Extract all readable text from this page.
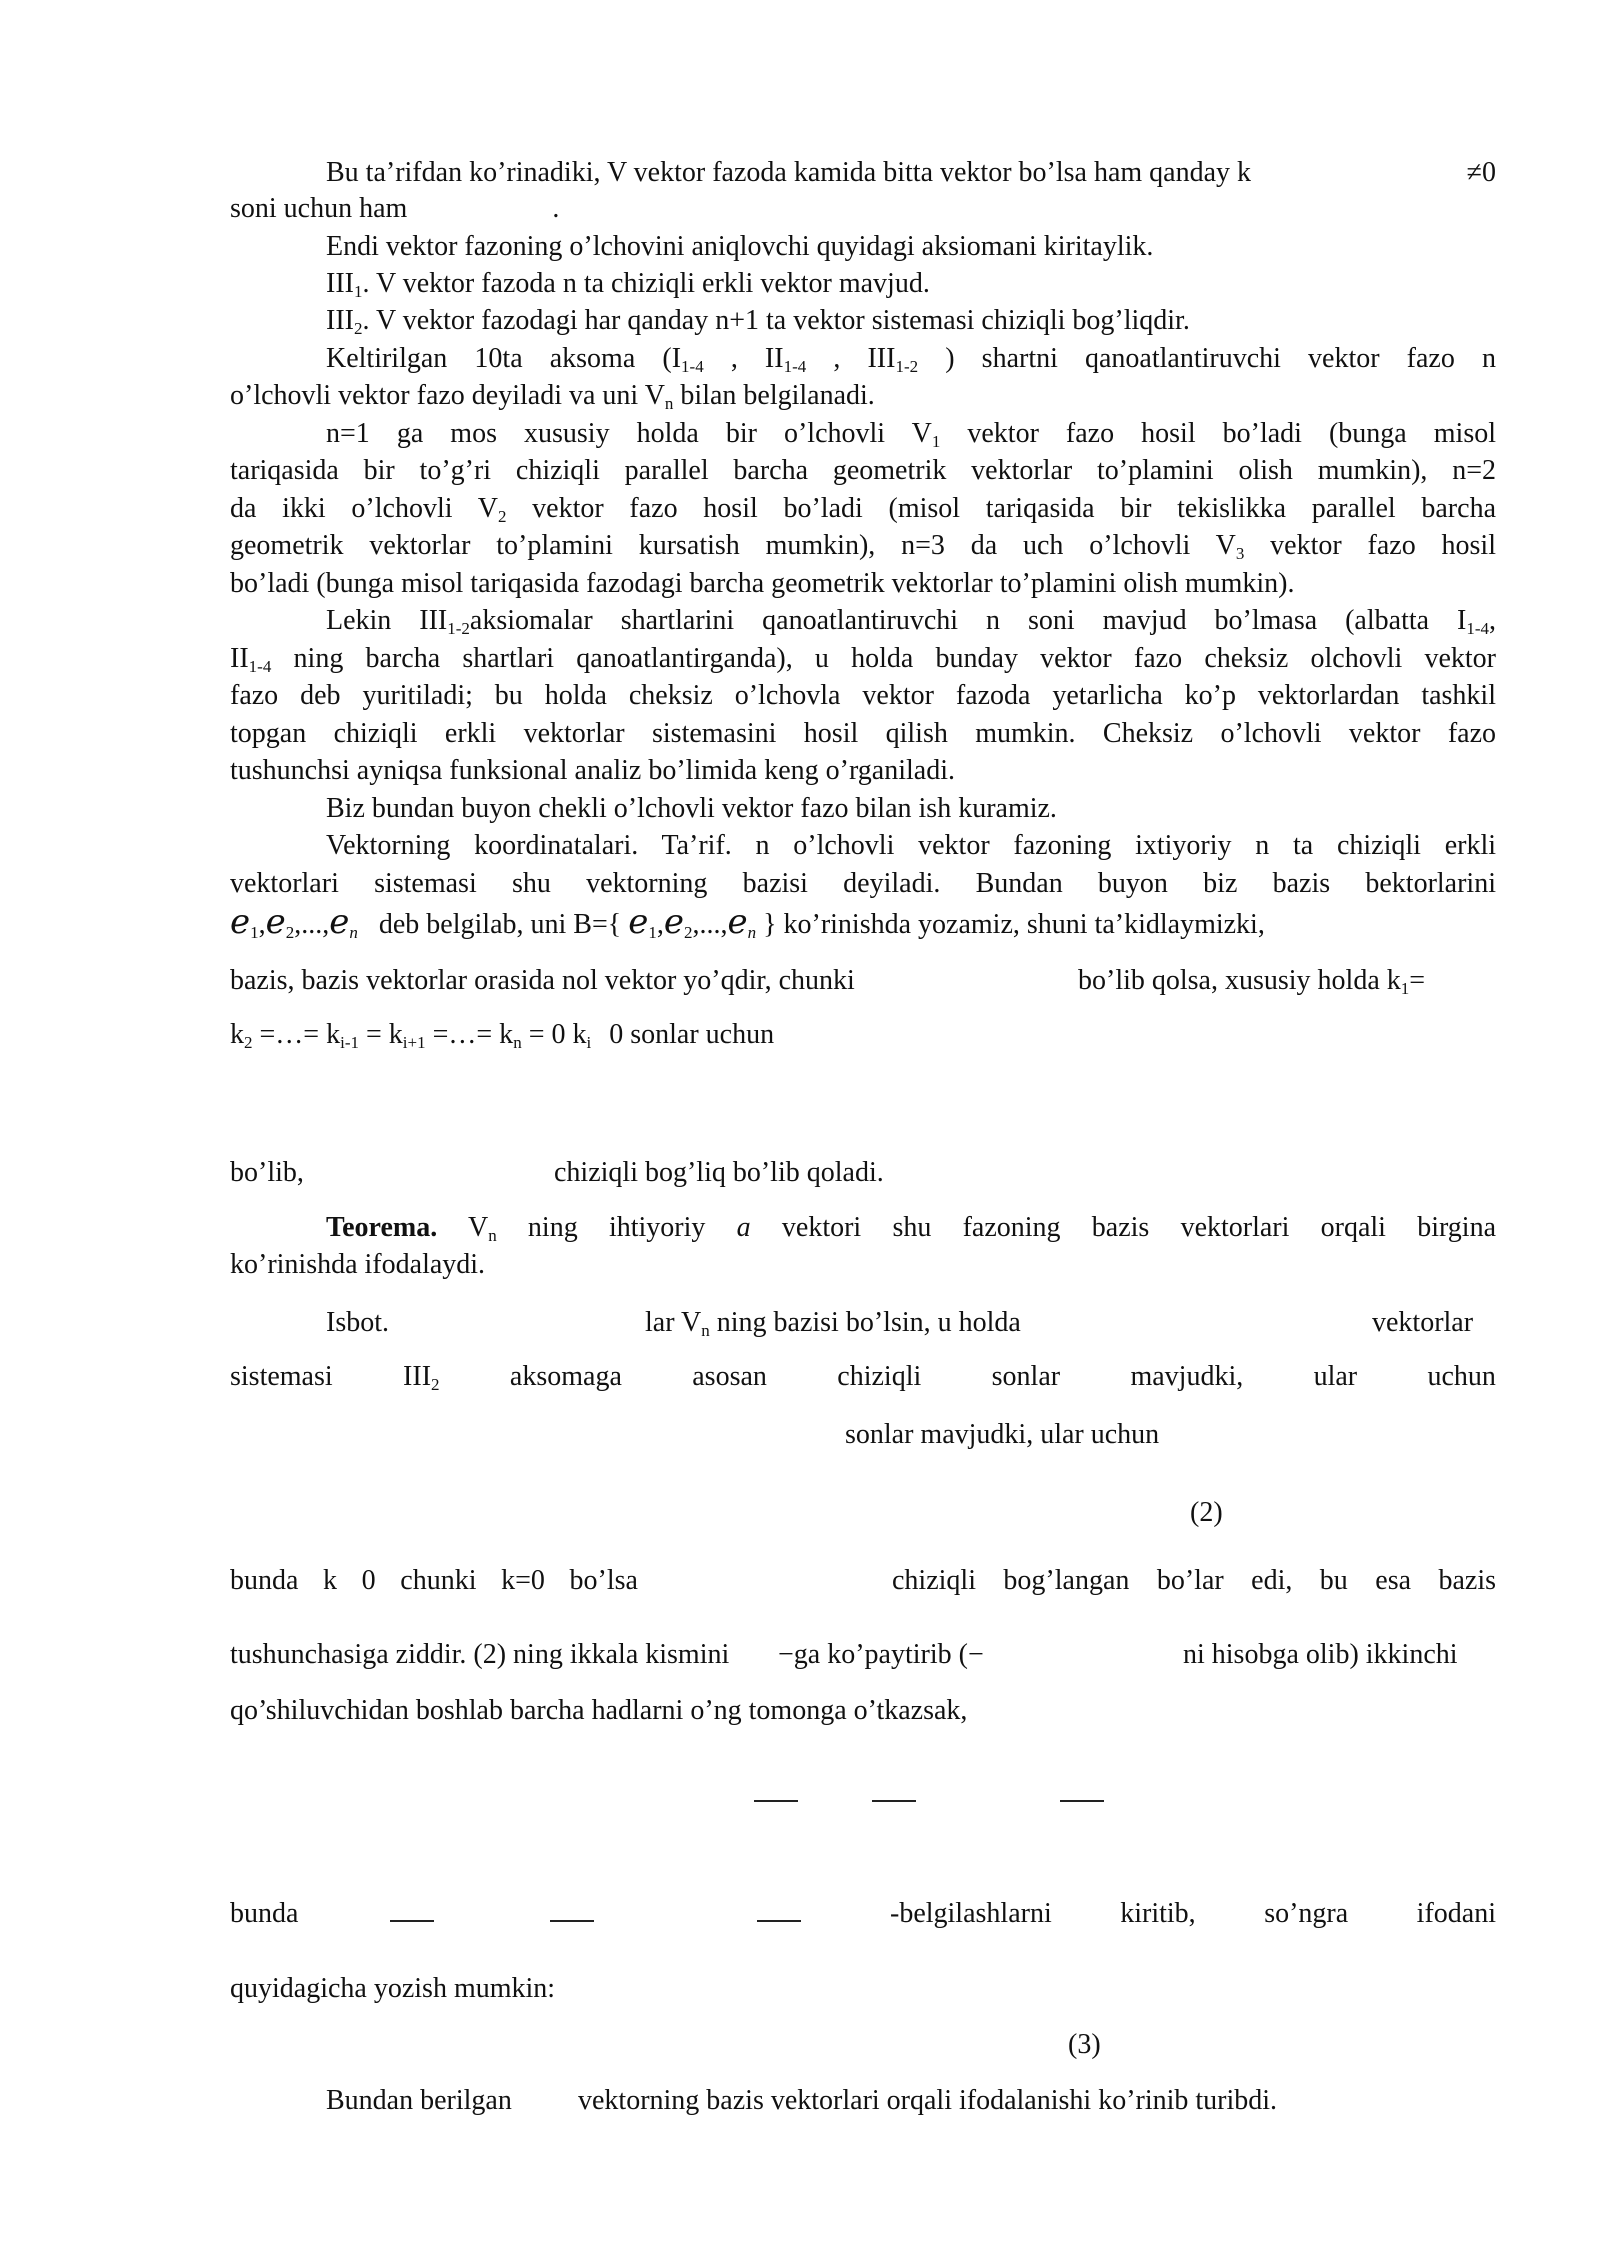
Bu ta’rifdan ko’rinadiki, V vektor fazoda kamida bitta vektor bo’lsa ham qanday k	≠0
soni uchun ham	.
Endi vektor fazoning o’lchovini aniqlovchi quyidagi aksiomani kiritaylik.
$III_1$. V vektor fazoda n ta chiziqli erkli vektor mavjud.
$III_2$. V vektor fazodagi har qanday n+1 ta vektor sistemasi chiziqli bog’liqdir.
Keltirilgan 10ta aksoma ($I_{1-4}$ , $II_{1-4}$ , $III_{1-2}$ ) shartni qanoatlantiruvchi vektor fazo n
o’lchovli vektor fazo deyiladi va uni $V_n$ bilan belgilanadi.
n=1 ga mos xususiy holda bir o’lchovli $V_1$ vektor fazo hosil bo’ladi (bunga misol
tariqasida bir to’g’ri chiziqli parallel barcha geometrik vektorlar to’plamini olish mumkin), n=2
da ikki o’lchovli $V_2$ vektor fazo hosil bo’ladi (misol tariqasida bir tekislikka parallel barcha
geometrik vektorlar to’plamini kursatish mumkin), n=3 da uch o’lchovli $V_3$ vektor fazo hosil
bo’ladi (bunga misol tariqasida fazodagi barcha geometrik vektorlar to’plamini olish mumkin).
Lekin $III_{1-2}aksiomalar$ shartlarini qanoatlantiruvchi n soni mavjud bo’lmasa (albatta $I_{1-4}$,
$II_{1-4}$ ning barcha shartlari qanoatlantirganda), u holda bunday vektor fazo cheksiz olchovli vektor
fazo deb yuritiladi; bu holda cheksiz o’lchovla vektor fazoda yetarlicha ko’p vektorlardan tashkil
topgan chiziqli erkli vektorlar sistemasini hosil qilish mumkin. Cheksiz o’lchovli vektor fazo
tushunchsi ayniqsa funksional analiz bo’limida keng o’rganiladi.
Biz bundan buyon chekli o’lchovli vektor fazo bilan ish kuramiz.
Vektorning koordinatalari. Ta’rif. n o’lchovli vektor fazoning ixtiyoriy n ta chiziqli erkli
vektorlari sistemasi shu vektorning bazisi deyiladi. Bundan buyon biz bazis bektorlarini
$e_1,e_2,...,e_n$ deb belgilab, uni B={ $e_1,e_2,...,e_n$ } ko’rinishda yozamiz, shuni ta’kidlaymizki,
bazis, bazis vektorlar orasida nol vektor yo’qdir, chunki	bo’lib qolsa, xususiy holda $k_1=$
$k_2$ =…= $k_{i-1} = k_{i+1}$ =…= $k_n = 0$ $k_i$ 0 sonlar uchun
bo’lib,	chiziqli bog’liq bo’lib qoladi.
Teorema. $V_n$ ning ihtiyoriy a vektori shu fazoning bazis vektorlari orqali birgina
ko’rinishda ifodalaydi.
Isbot.	lar $V_n$ ning bazisi bo’lsin, u holda	vektorlar
sistemasi	$III_2$	aksomaga	asosan	chiziqli	sonlar	mavjudki,	ular	uchun
sonlar mavjudki, ular uchun
(2)
bunda k 0 chunki k=0 bo’lsa	chiziqli bog’langan bo’lar edi, bu esa bazis
tushunchasiga ziddir. (2) ning ikkala kismini −ga ko’paytirib (−	ni hisobga olib) ikkinchi
qo’shiluvchidan boshlab barcha hadlarni o’ng tomonga o’tkazsak,
bunda	-belgilashlarni kiritib, so’ngra ifodani
quyidagicha yozish mumkin:
(3)
Bundan berilgan vektorning bazis vektorlari orqali ifodalanishi ko’rinib turibdi.
